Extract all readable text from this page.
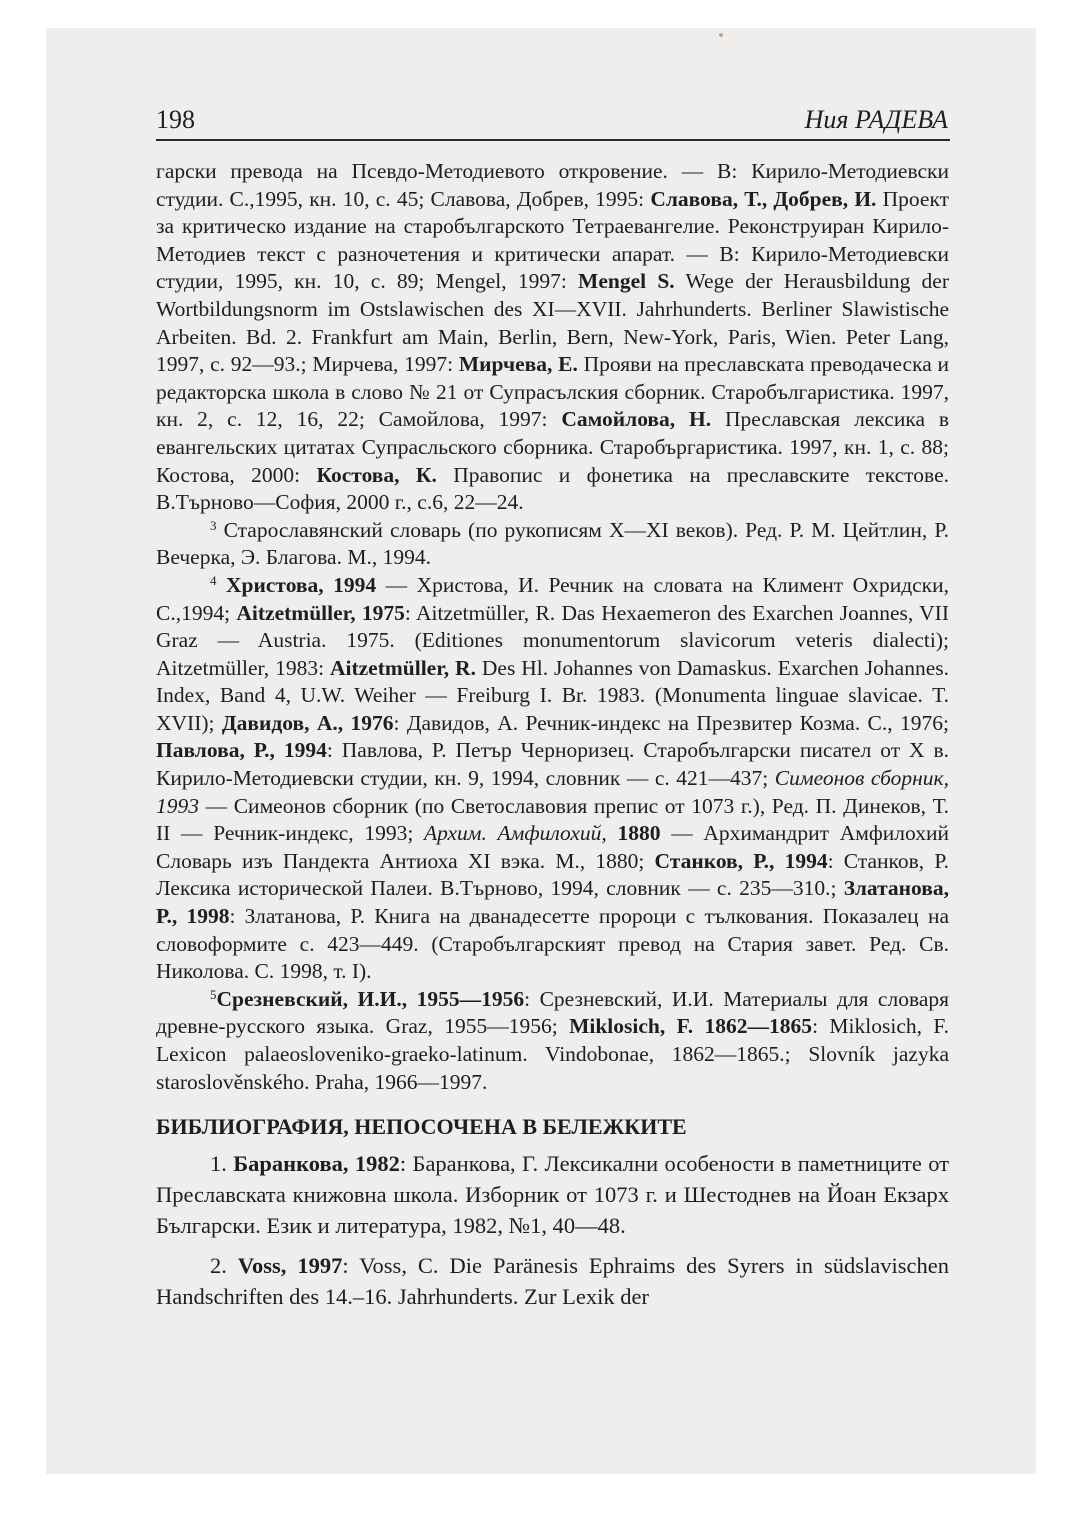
198	Ния РАДЕВА

гарски превода на Псевдо-Методиевото откровение. — В: Кирило-Методиевски студии. С.,1995, кн. 10, с. 45; Славова, Добрев, 1995: Славова, Т., Добрев, И. Проект за критическо издание на старобългарското Тетраевангелие. Реконструиран Кирило-Методиев текст с разночетения и критически апарат. — В: Кирило-Методиевски студии, 1995, кн. 10, с. 89; Mengel, 1997: Mengel S. Wege der Herausbildung der Wortbildungsnorm im Ostslawischen des XI—XVII. Jahrhunderts. Berliner Slawistische Arbeiten. Bd. 2. Frankfurt am Main, Berlin, Bern, New-York, Paris, Wien. Peter Lang, 1997, c. 92—93.; Мирчева, 1997: Мирчева, Е. Прояви на преславската преводаческа и редакторска школа в слово № 21 от Супрасълския сборник. Старобългаристика. 1997, кн. 2, с. 12, 16, 22; Самойлова, 1997: Самойлова, Н. Преславская лексика в евангельских цитатах Супрасльского сборника. Старобъргаристика. 1997, кн. 1, с. 88; Костова, 2000: Костова, К. Правопис и фонетика на преславските текстове. В.Търново—София, 2000 г., с.6, 22—24.

$^3$ Старославянский словарь (по рукописям X—XI веков). Ред. Р. М. Цейтлин, Р. Вечерка, Э. Благова. М., 1994.

$^4$ Христова, 1994 — Христова, И. Речник на словата на Климент Охридски, С.,1994; Aitzetmüller, 1975: Aitzetmüller, R. Das Hexaemeron des Exarchen Joannes, VII Graz — Austria. 1975. (Editiones monumentorum slavicorum veteris dialecti); Aitzetmüller, 1983: Aitzetmüller, R. Des Hl. Johannes von Damaskus. Exarchen Johannes. Index, Band 4, U.W. Weiher — Freiburg I. Br. 1983. (Monumenta linguae slavicae. T. XVII); Давидов, А., 1976: Давидов, А. Речник-индекс на Презвитер Козма. С., 1976; Павлова, Р., 1994: Павлова, Р. Петър Черноризец. Старобългарски писател от X в. Кирило-Методиевски студии, кн. 9, 1994, словник — с. 421—437; Симеонов сборник, 1993 — Симеонов сборник (по Светославовия препис от 1073 г.), Ред. П. Динеков, Т. II — Речник-индекс, 1993; Архим. Амфилохий, 1880 — Архимандрит Амфилохий Словарь изъ Пандекта Антиоха XI вэка. М., 1880; Станков, Р., 1994: Станков, Р. Лексика исторической Палеи. В.Търново, 1994, словник — с. 235—310.; Златанова, Р., 1998: Златанова, Р. Книга на дванадесетте пророци с тълкования. Показалец на словоформите с. 423—449. (Старобългарският превод на Стария завет. Ред. Св. Николова. С. 1998, т. I).

$^5$Срезневский, И.И., 1955—1956: Срезневский, И.И. Материалы для словаря древне-русского языка. Graz, 1955—1956; Miklosich, F. 1862—1865: Miklosich, F. Lexicon palaeosloveniko-graeko-latinum. Vindobonae, 1862—1865.; Slovník jazyka staroslověnského. Praha, 1966—1997.

БИБЛИОГРАФИЯ, НЕПОСОЧЕНА В БЕЛЕЖКИТЕ

1. Баранкова, 1982: Баранкова, Г. Лексикални особености в паметниците от Преславската книжовна школа. Изборник от 1073 г. и Шестоднев на Йоан Екзарх Български. Език и литература, 1982, №1, 40—48.

2. Voss, 1997: Voss, C. Die Paränesis Ephraims des Syrers in südslavischen Handschriften des 14.–16. Jahrhunderts. Zur Lexik der
